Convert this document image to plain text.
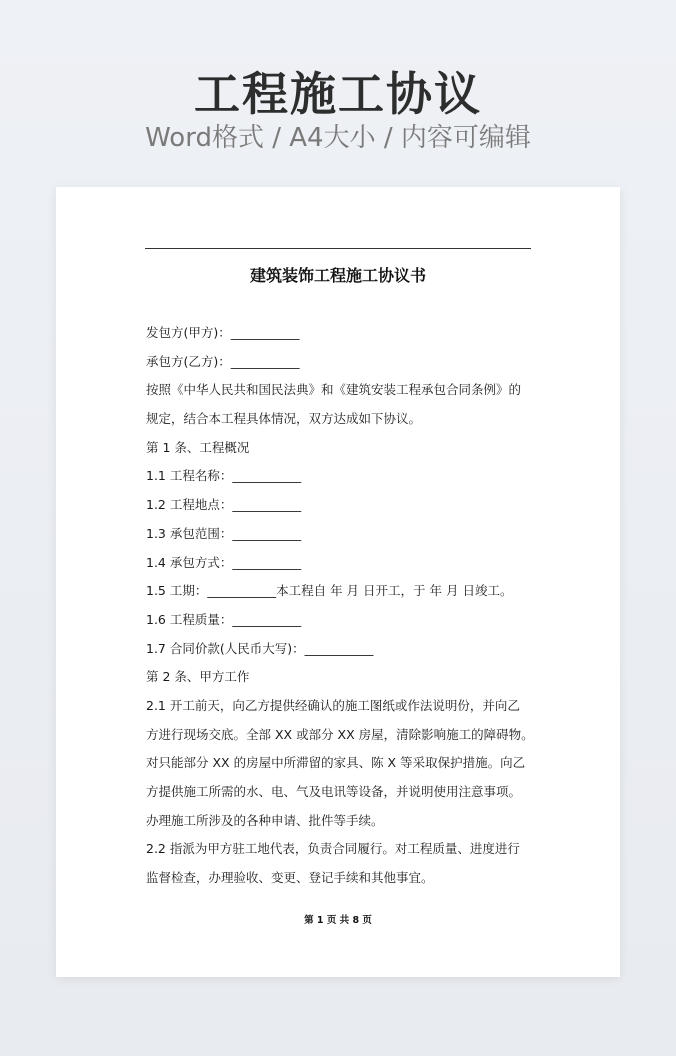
工程施工协议
Word格式 / A4大小 / 内容可编辑
建筑装饰工程施工协议书
发包方(甲方)：___________
承包方(乙方)：___________
按照《中华人民共和国民法典》和《建筑安装工程承包合同条例》的
规定，结合本工程具体情况，双方达成如下协议。
第 1 条、工程概况
1.1 工程名称：___________
1.2 工程地点：___________
1.3 承包范围：___________
1.4 承包方式：___________
1.5 工期：___________本工程自 年 月 日开工，于 年 月 日竣工。
1.6 工程质量：___________
1.7 合同价款(人民币大写)：___________
第 2 条、甲方工作
2.1 开工前天，向乙方提供经确认的施工图纸或作法说明份，并向乙
方进行现场交底。全部 XX 或部分 XX 房屋，清除影响施工的障碍物。
对只能部分 XX 的房屋中所滞留的家具、陈 X 等采取保护措施。向乙
方提供施工所需的水、电、气及电讯等设备，并说明使用注意事项。
办理施工所涉及的各种申请、批件等手续。
2.2 指派为甲方驻工地代表，负责合同履行。对工程质量、进度进行
监督检查，办理验收、变更、登记手续和其他事宜。
第 1 页 共 8 页
